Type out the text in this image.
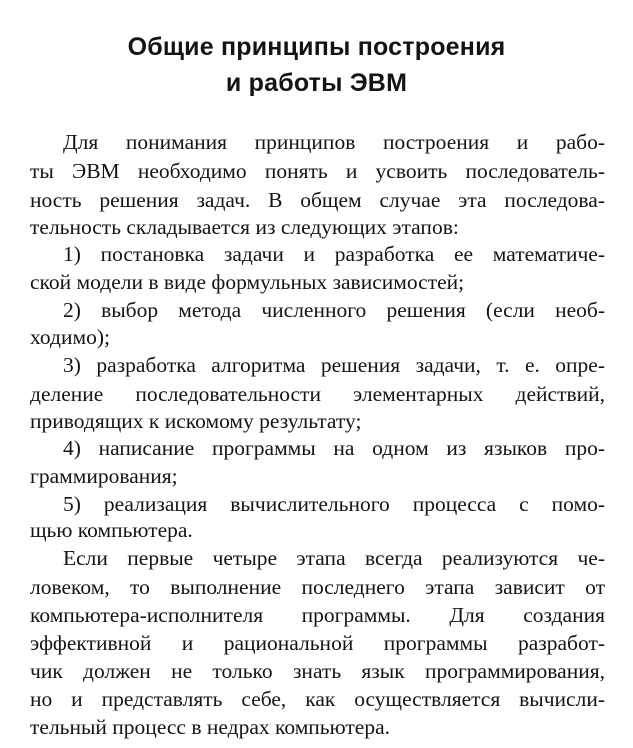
Общие принципы построения
и работы ЭВМ
Для понимания принципов построения и рабо-
ты ЭВМ необходимо понять и усвоить последователь-
ность решения задач. В общем случае эта последова-
тельность складывается из следующих этапов:
1) постановка задачи и разработка ее математиче-
ской модели в виде формульных зависимостей;
2) выбор метода численного решения (если необ-
ходимо);
3) разработка алгоритма решения задачи, т. е. опре-
деление последовательности элементарных действий,
приводящих к искомому результату;
4) написание программы на одном из языков про-
граммирования;
5) реализация вычислительного процесса с помо-
щью компьютера.
Если первые четыре этапа всегда реализуются че-
ловеком, то выполнение последнего этапа зависит от
компьютера-исполнителя программы. Для создания
эффективной и рациональной программы разработ-
чик должен не только знать язык программирования,
но и представлять себе, как осуществляется вычисли-
тельный процесс в недрах компьютера.
